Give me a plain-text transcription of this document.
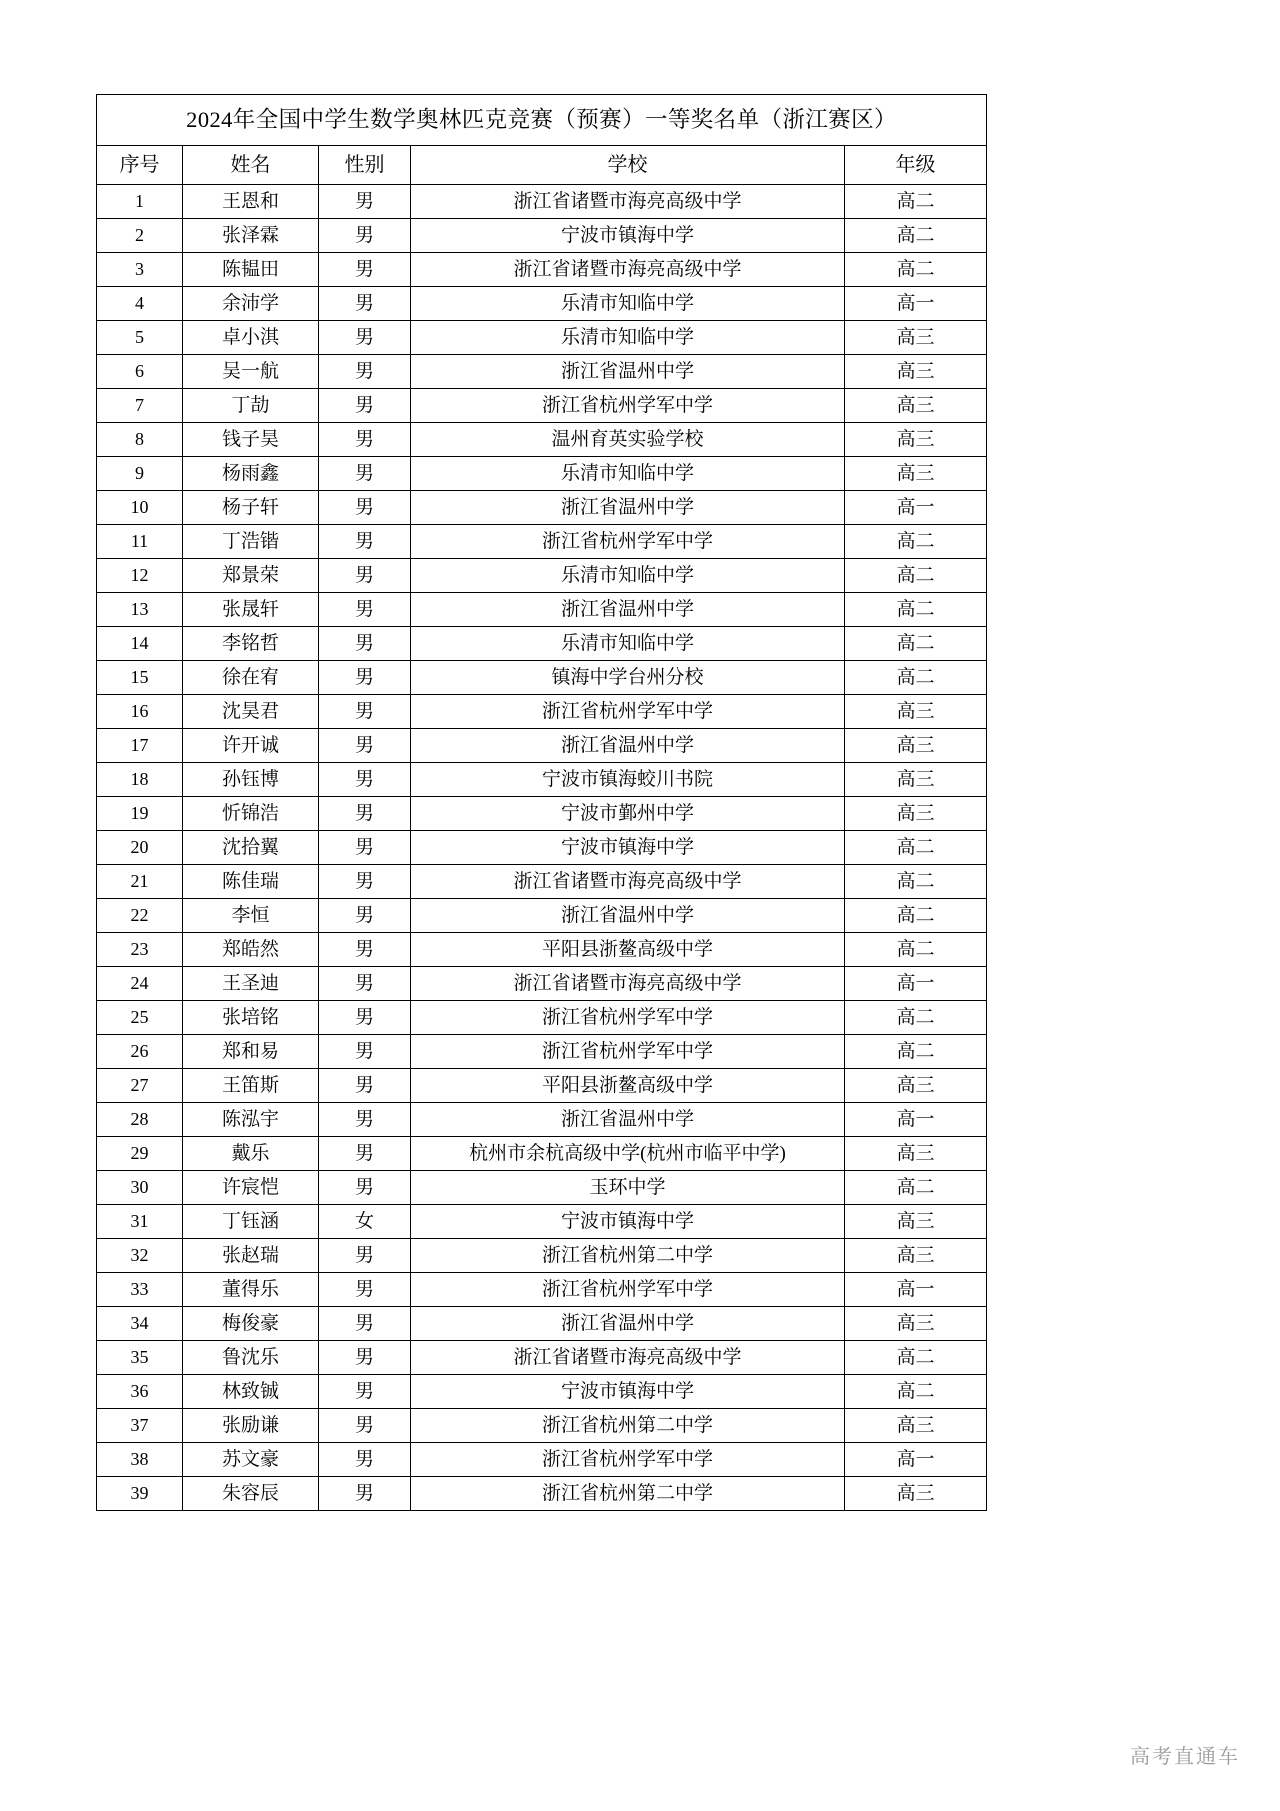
2024年全国中学生数学奥林匹克竞赛（预赛）一等奖名单（浙江赛区）				
序号	姓名	性别	学校	年级
1	王恩和	男	浙江省诸暨市海亮高级中学	高二
2	张泽霖	男	宁波市镇海中学	高二
3	陈韫田	男	浙江省诸暨市海亮高级中学	高二
4	余沛学	男	乐清市知临中学	高一
5	卓小淇	男	乐清市知临中学	高三
6	吴一航	男	浙江省温州中学	高三
7	丁劼	男	浙江省杭州学军中学	高三
8	钱子昊	男	温州育英实验学校	高三
9	杨雨鑫	男	乐清市知临中学	高三
10	杨子轩	男	浙江省温州中学	高一
11	丁浩锴	男	浙江省杭州学军中学	高二
12	郑景荣	男	乐清市知临中学	高二
13	张晟轩	男	浙江省温州中学	高二
14	李铭哲	男	乐清市知临中学	高二
15	徐在宥	男	镇海中学台州分校	高二
16	沈昊君	男	浙江省杭州学军中学	高三
17	许开诚	男	浙江省温州中学	高三
18	孙钰博	男	宁波市镇海蛟川书院	高三
19	忻锦浩	男	宁波市鄞州中学	高三
20	沈拾翼	男	宁波市镇海中学	高二
21	陈佳瑞	男	浙江省诸暨市海亮高级中学	高二
22	李恒	男	浙江省温州中学	高二
23	郑皓然	男	平阳县浙鳌高级中学	高二
24	王圣迪	男	浙江省诸暨市海亮高级中学	高一
25	张培铭	男	浙江省杭州学军中学	高二
26	郑和易	男	浙江省杭州学军中学	高二
27	王笛斯	男	平阳县浙鳌高级中学	高三
28	陈泓宇	男	浙江省温州中学	高一
29	戴乐	男	杭州市余杭高级中学(杭州市临平中学)	高三
30	许宸恺	男	玉环中学	高二
31	丁钰涵	女	宁波市镇海中学	高三
32	张赵瑞	男	浙江省杭州第二中学	高三
33	董得乐	男	浙江省杭州学军中学	高一
34	梅俊豪	男	浙江省温州中学	高三
35	鲁沈乐	男	浙江省诸暨市海亮高级中学	高二
36	林致铖	男	宁波市镇海中学	高二
37	张励谦	男	浙江省杭州第二中学	高三
38	苏文豪	男	浙江省杭州学军中学	高一
39	朱容辰	男	浙江省杭州第二中学	高三
高考直通车
